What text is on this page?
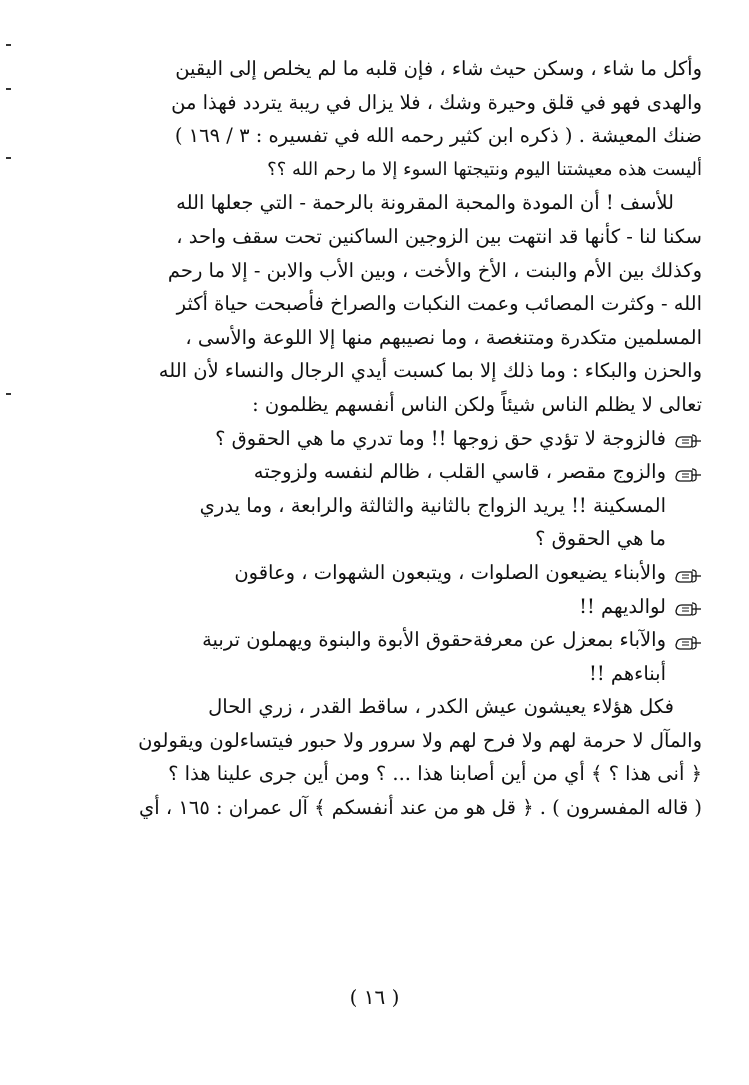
وأكل ما شاء ، وسكن حيث شاء ، فإن قلبه ما لم يخلص إلى اليقين
والهدى فهو في قلق وحيرة وشك ، فلا يزال في ريبة يتردد فهذا من
ضنك المعيشة . ( ذكره ابن كثير رحمه الله في تفسيره : ٣ / ١٦٩ )
أليست هذه معيشتنا اليوم ونتيجتها السوء إلا ما رحم الله ؟؟
للأسف ! أن المودة والمحبة المقرونة بالرحمة - التي جعلها الله
سكنا لنا - كأنها قد انتهت بين الزوجين الساكنين تحت سقف واحد ،
وكذلك بين الأم والبنت ، الأخ والأخت ، وبين الأب والابن - إلا ما رحم
الله - وكثرت المصائب وعمت النكبات والصراخ فأصبحت حياة أكثر
المسلمين متكدرة ومتنغصة ، وما نصيبهم منها إلا اللوعة والأسى ،
والحزن والبكاء : وما ذلك إلا بما كسبت أيدي الرجال والنساء لأن الله
تعالى لا يظلم الناس شيئاً ولكن الناس أنفسهم يظلمون :
فالزوجة لا تؤدي حق زوجها !! وما تدري ما هي الحقوق ؟
والزوج مقصر ، قاسي القلب ، ظالم لنفسه ولزوجته
المسكينة !! يريد الزواج بالثانية والثالثة والرابعة ، وما يدري
ما هي الحقوق ؟
والأبناء يضيعون الصلوات ، ويتبعون الشهوات ، وعاقون
لوالديهم !!
والآباء بمعزل عن معرفةحقوق الأبوة والبنوة ويهملون تربية
أبناءهم !!
فكل هؤلاء يعيشون عيش الكدر ، ساقط القدر ، زري الحال
والمآل لا حرمة لهم ولا فرح لهم ولا سرور ولا حبور فيتساءلون ويقولون
﴿ أنى هذا ؟ ﴾ أي من أين أصابنا هذا ... ؟ ومن أين جرى علينا هذا ؟
( قاله المفسرون ) . ﴿ قل هو من عند أنفسكم ﴾ آل عمران : ١٦٥ ، أي
( ١٦ )
